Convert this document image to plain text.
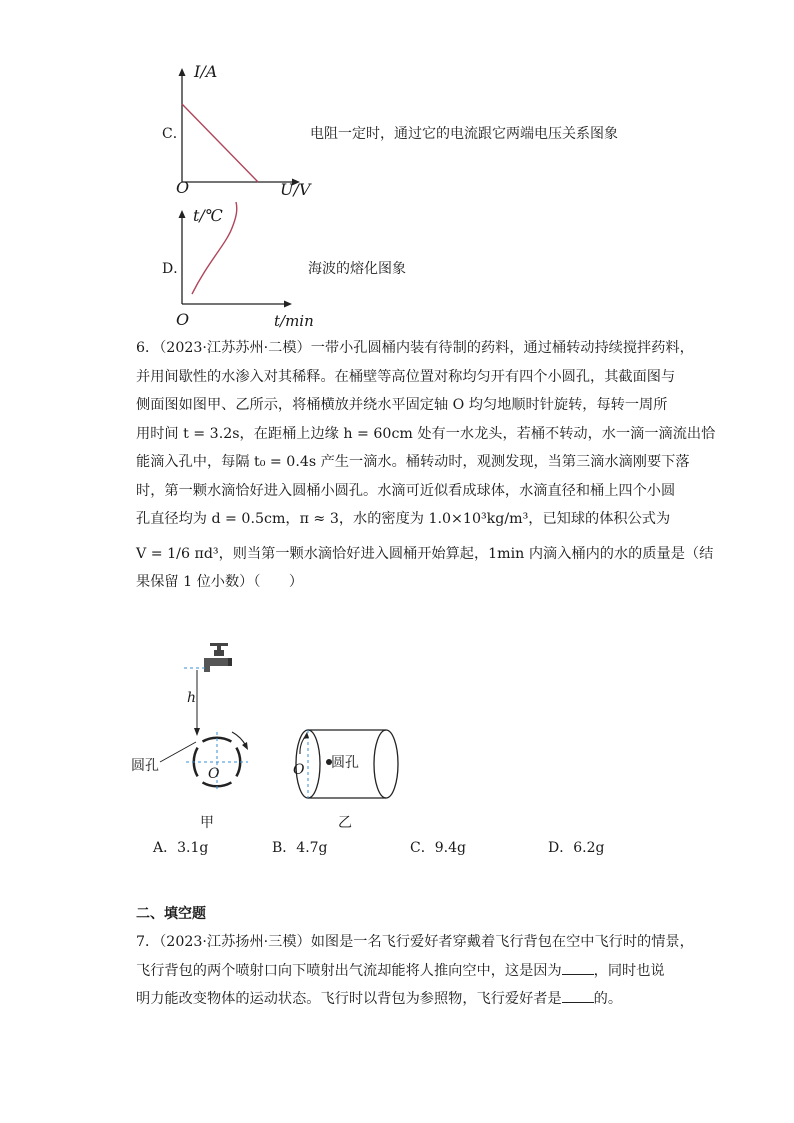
C．
I/A
U/V
O
电阻一定时，通过它的电流跟它两端电压关系图象
D．
t/℃
t/min
O
海波的熔化图象

6．（2023·江苏苏州·二模）一带小孔圆桶内装有待制的药料，通过桶转动持续搅拌药料，

并用间歇性的水渗入对其稀释。在桶壁等高位置对称均匀开有四个小圆孔，其截面图与

侧面图如图甲、乙所示，将桶横放并绕水平固定轴 O 均匀地顺时针旋转，每转一周所

用时间 t = 3.2s，在距桶上边缘 h = 60cm 处有一水龙头，若桶不转动，水一滴一滴流出恰

能滴入孔中，每隔 t₀ = 0.4s 产生一滴水。桶转动时，观测发现，当第三滴水滴刚要下落

时，第一颗水滴恰好进入圆桶小圆孔。水滴可近似看成球体，水滴直径和桶上四个小圆

孔直径均为 d = 0.5cm，π ≈ 3，水的密度为 1.0×10³kg/m³，已知球的体积公式为

V = 1/6 πd³，则当第一颗水滴恰好进入圆桶开始算起，1min 内滴入桶内的水的质量是（结

果保留 1 位小数）（　　）

h
圆孔	O
甲
圆孔
O
乙
A．3.1g	B．4.7g	C．9.4g	D．6.2g
二、填空题

7．（2023·江苏扬州·三模）如图是一名飞行爱好者穿戴着飞行背包在空中飞行时的情景，

飞行背包的两个喷射口向下喷射出气流却能将人推向空中，这是因为 ，同时也说

明力能改变物体的运动状态。飞行时以背包为参照物，飞行爱好者是 的。
